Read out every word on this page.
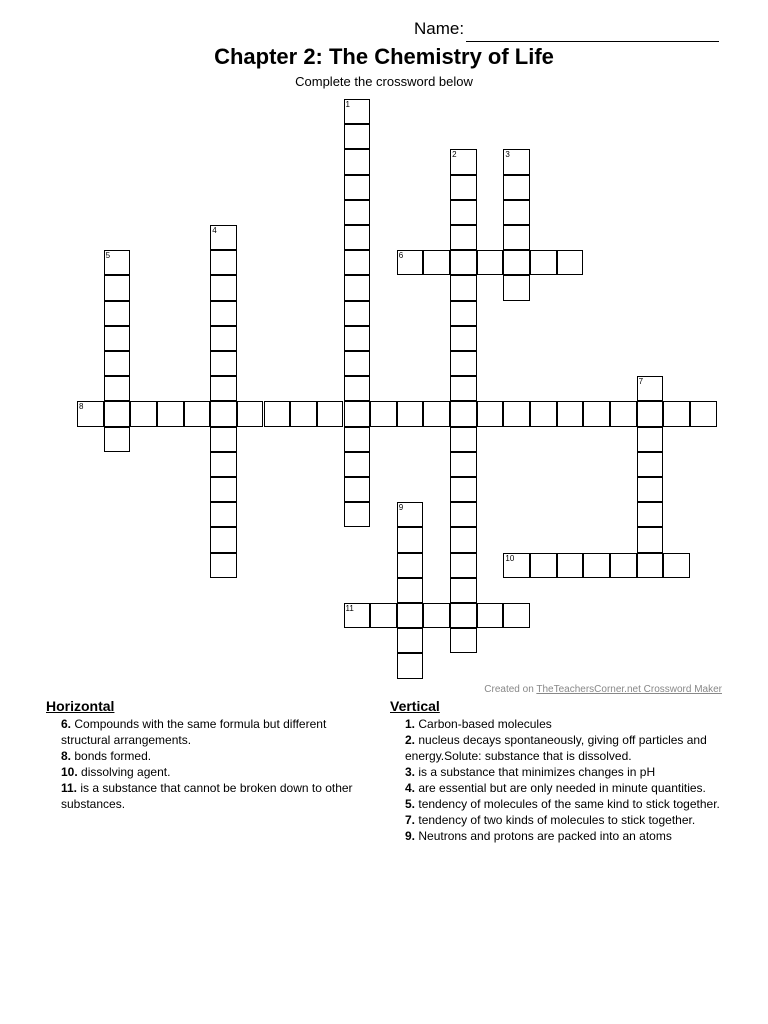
Name:
Chapter 2: The Chemistry of Life
Complete the crossword below
1
2	3
4
5	6
7
8
9
10
11
Created on TheTeachersCorner.net Crossword Maker
Horizontal
6. Compounds with the same formula but different structural arrangements.
8. bonds formed.
10. dissolving agent.
11. is a substance that cannot be broken down to other substances.
Vertical
1. Carbon-based molecules
2. nucleus decays spontaneously, giving off particles and energy.Solute: substance that is dissolved.
3. is a substance that minimizes changes in pH
4. are essential but are only needed in minute quantities.
5. tendency of molecules of the same kind to stick together.
7. tendency of two kinds of molecules to stick together.
9. Neutrons and protons are packed into an atoms
